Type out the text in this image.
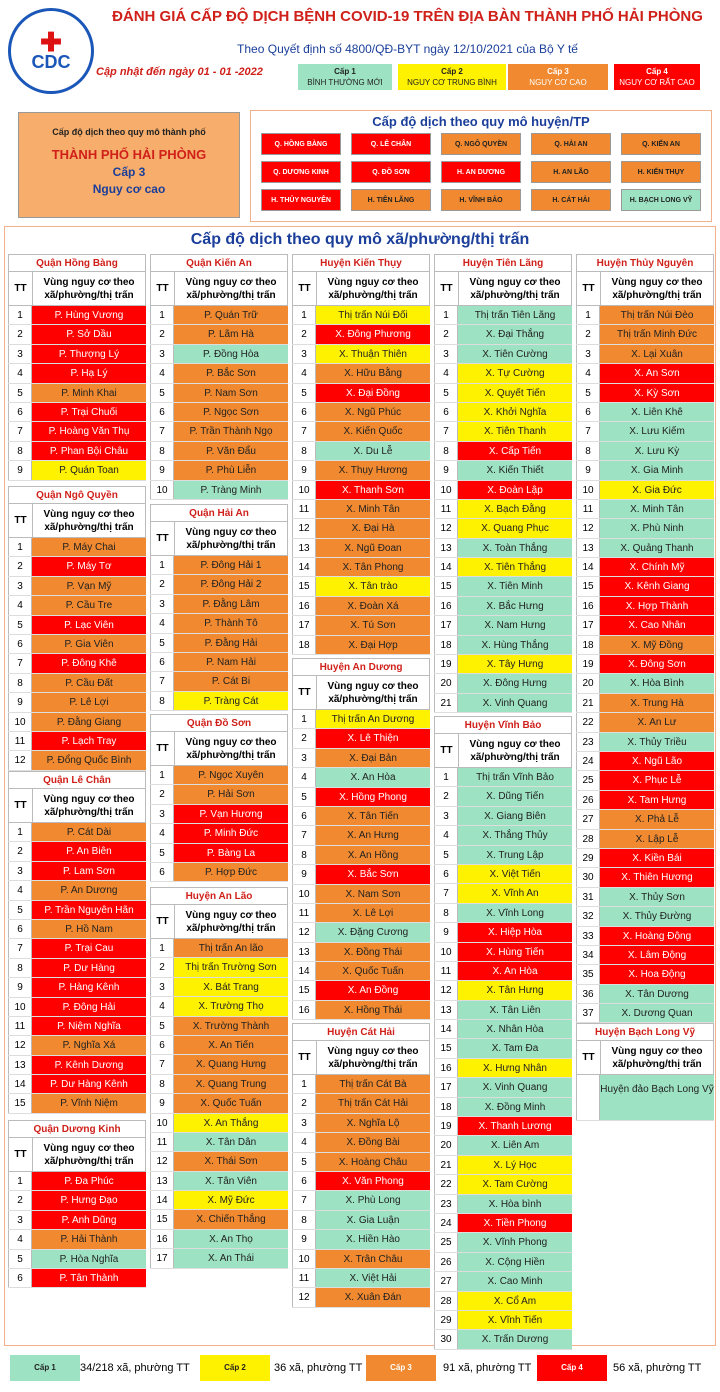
✚
CDC
ĐÁNH GIÁ CẤP ĐỘ DỊCH BỆNH COVID-19 TRÊN ĐỊA BÀN THÀNH PHỐ HẢI PHÒNG
Theo Quyết định số 4800/QĐ-BYT ngày 12/10/2021 của Bộ Y tế
Cập nhật đến ngày 01 - 01 -2022	Cấp 1
BÌNH THƯỜNG MỚI
Cấp 2
NGUY CƠ TRUNG BÌNH
Cấp 3
NGUY CƠ CAO
Cấp 4
NGUY CƠ RẤT CAO
Cấp độ dịch theo quy mô thành phố
THÀNH PHỐ HẢI PHÒNG
Cấp 3
Nguy cơ cao
Cấp độ dịch theo quy mô huyện/TP
Q. HỒNG BÀNG	Q. LÊ CHÂN	Q. NGÔ QUYỀN	Q. HẢI AN	Q. KIẾN AN
Q. DƯƠNG KINH	Q. ĐỒ SƠN	H. AN DƯƠNG	H. AN LÃO	H. KIẾN THỤY
H. THỦY NGUYÊN	H. TIÊN LÃNG	H. VĨNH BẢO	H. CÁT HẢI	H. BẠCH LONG VỸ
Cấp độ dịch theo quy mô xã/phường/thị trấn
Quận Hồng Bàng
TT
Vùng nguy cơ theo xã/phường/thị trấn
1	P. Hùng Vương
2	P. Sở Dầu
3	P. Thượng Lý
4	P. Hạ Lý
5	P. Minh Khai
6	P. Trại Chuối
7	P. Hoàng Văn Thụ
8	P. Phan Bội Châu
9	P. Quán Toan
Quận Ngô Quyền
TT
Vùng nguy cơ theo xã/phường/thị trấn
1	P. Máy Chai
2	P. Máy Tơ
3	P. Vạn Mỹ
4	P. Cầu Tre
5	P. Lạc Viên
6	P. Gia Viên
7	P. Đông Khê
8	P. Cầu Đất
9	P. Lê Lợi
10	P. Đằng Giang
11	P. Lạch Tray
12	P. Đổng Quốc Bình
Quận Lê Chân
TT
Vùng nguy cơ theo xã/phường/thị trấn
1	P. Cát Dài
2	P. An Biên
3	P. Lam Sơn
4	P. An Dương
5	P. Trần Nguyên Hãn
6	P. Hồ Nam
7	P. Trại Cau
8	P. Dư Hàng
9	P. Hàng Kênh
10	P. Đông Hải
11	P. Niệm Nghĩa
12	P. Nghĩa Xá
13	P. Kênh Dương
14	P. Dư Hàng Kênh
15	P. Vĩnh Niệm
Quận Dương Kinh
TT
Vùng nguy cơ theo xã/phường/thị trấn
1	P. Đa Phúc
2	P. Hưng Đạo
3	P. Anh Dũng
4	P. Hải Thành
5	P. Hòa Nghĩa
6	P. Tân Thành
Quận Kiến An
TT
Vùng nguy cơ theo xã/phường/thị trấn
1	P. Quán Trữ
2	P. Lãm Hà
3	P. Đồng Hòa
4	P. Bắc Sơn
5	P. Nam Sơn
6	P. Ngọc Sơn
7	P. Trần Thành Ngọ
8	P. Văn Đẩu
9	P. Phù Liễn
10	P. Tràng Minh
Quận Hải An
TT
Vùng nguy cơ theo xã/phường/thị trấn
1	P. Đông Hải 1
2	P. Đông Hải 2
3	P. Đằng Lâm
4	P. Thành Tô
5	P. Đằng Hải
6	P. Nam Hải
7	P. Cát Bi
8	P. Tràng Cát
Quận Đồ Sơn
TT
Vùng nguy cơ theo xã/phường/thị trấn
1	P. Ngọc Xuyên
2	P. Hải Sơn
3	P. Vạn Hương
4	P. Minh Đức
5	P. Bàng La
6	P. Hợp Đức
Huyện An Lão
TT
Vùng nguy cơ theo xã/phường/thị trấn
1	Thị trấn An lão
2	Thị trấn Trường Sơn
3	X. Bát Trang
4	X. Trường Thọ
5	X. Trường Thành
6	X. An Tiến
7	X. Quang Hưng
8	X. Quang Trung
9	X. Quốc Tuấn
10	X. An Thắng
11	X. Tân Dân
12	X. Thái Sơn
13	X. Tân Viên
14	X. Mỹ Đức
15	X. Chiến Thắng
16	X. An Thọ
17	X. An Thái
Huyện Kiến Thụy
TT
Vùng nguy cơ theo xã/phường/thị trấn
1	Thị trấn Núi Đối
2	X. Đông Phương
3	X. Thuận Thiên
4	X. Hữu Bằng
5	X. Đại Đồng
6	X. Ngũ Phúc
7	X. Kiến Quốc
8	X. Du Lễ
9	X. Thụy Hương
10	X. Thanh Sơn
11	X. Minh Tân
12	X. Đại Hà
13	X. Ngũ Đoan
14	X. Tân Phong
15	X. Tân trào
16	X. Đoàn Xá
17	X. Tú Sơn
18	X. Đại Hợp
Huyện An Dương
TT
Vùng nguy cơ theo xã/phường/thị trấn
1	Thị trấn An Dương
2	X. Lê Thiện
3	X. Đại Bản
4	X. An Hòa
5	X. Hồng Phong
6	X. Tân Tiến
7	X. An Hưng
8	X. An Hồng
9	X. Bắc Sơn
10	X. Nam Sơn
11	X. Lê Lợi
12	X. Đặng Cương
13	X. Đồng Thái
14	X. Quốc Tuấn
15	X. An Đồng
16	X. Hồng Thái
Huyện Cát Hải
TT
Vùng nguy cơ theo xã/phường/thị trấn
1	Thị trấn Cát Bà
2	Thị trấn Cát Hải
3	X. Nghĩa Lộ
4	X. Đồng Bài
5	X. Hoàng Châu
6	X. Văn Phong
7	X. Phù Long
8	X. Gia Luận
9	X. Hiền Hào
10	X. Trân Châu
11	X. Việt Hải
12	X. Xuân Đán
Huyện Tiên Lãng
TT
Vùng nguy cơ theo xã/phường/thị trấn
1	Thị trấn Tiên Lãng
2	X. Đại Thắng
3	X. Tiên Cường
4	X. Tự Cường
5	X. Quyết Tiến
6	X. Khởi Nghĩa
7	X. Tiên Thanh
8	X. Cấp Tiến
9	X. Kiến Thiết
10	X. Đoàn Lập
11	X. Bạch Đằng
12	X. Quang Phục
13	X. Toàn Thắng
14	X. Tiên Thắng
15	X. Tiên Minh
16	X. Bắc Hưng
17	X. Nam Hưng
18	X. Hùng Thắng
19	X. Tây Hưng
20	X. Đông Hưng
21	X. Vinh Quang
Huyện Vĩnh Bảo
TT
Vùng nguy cơ theo xã/phường/thị trấn
1	Thị trấn Vĩnh Bảo
2	X. Dũng Tiến
3	X. Giang Biên
4	X. Thắng Thủy
5	X. Trung Lập
6	X. Việt Tiến
7	X. Vĩnh An
8	X. Vĩnh Long
9	X. Hiệp Hòa
10	X. Hùng Tiến
11	X. An Hòa
12	X. Tân Hưng
13	X. Tân Liên
14	X. Nhân Hòa
15	X. Tam Đa
16	X. Hưng Nhân
17	X. Vinh Quang
18	X. Đồng Minh
19	X. Thanh Lương
20	X. Liên Am
21	X. Lý Học
22	X. Tam Cường
23	X. Hòa bình
24	X. Tiền Phong
25	X. Vĩnh Phong
26	X. Cộng Hiền
27	X. Cao Minh
28	X. Cổ Am
29	X. Vĩnh Tiến
30	X. Trấn Dương
Huyện Thủy Nguyên
TT
Vùng nguy cơ theo xã/phường/thị trấn
1	Thị trấn Núi Đèo
2	Thị trấn Minh Đức
3	X. Lại Xuân
4	X. An Sơn
5	X. Kỳ Sơn
6	X. Liên Khê
7	X. Lưu Kiếm
8	X. Lưu Kỳ
9	X. Gia Minh
10	X. Gia Đức
11	X. Minh Tân
12	X. Phù Ninh
13	X. Quảng Thanh
14	X. Chính Mỹ
15	X. Kênh Giang
16	X. Hợp Thành
17	X. Cao Nhân
18	X. Mỹ Đồng
19	X. Đông Sơn
20	X. Hòa Bình
21	X. Trung Hà
22	X. An Lư
23	X. Thủy Triều
24	X. Ngũ Lão
25	X. Phục Lễ
26	X. Tam Hưng
27	X. Phả Lễ
28	X. Lập Lễ
29	X. Kiền Bái
30	X. Thiên Hương
31	X. Thủy Sơn
32	X. Thủy Đường
33	X. Hoàng Động
34	X. Lâm Động
35	X. Hoa Động
36	X. Tân Dương
37	X. Dương Quan
Huyện Bạch Long Vỹ
TT
Vùng nguy cơ theo xã/phường/thị trấn
Huyện đảo Bạch Long Vỹ
Cấp 1	34/218 xã, phường TT	Cấp 2	36 xã, phường TT	Cấp 3	91 xã, phường TT	Cấp 4	56 xã, phường TT
